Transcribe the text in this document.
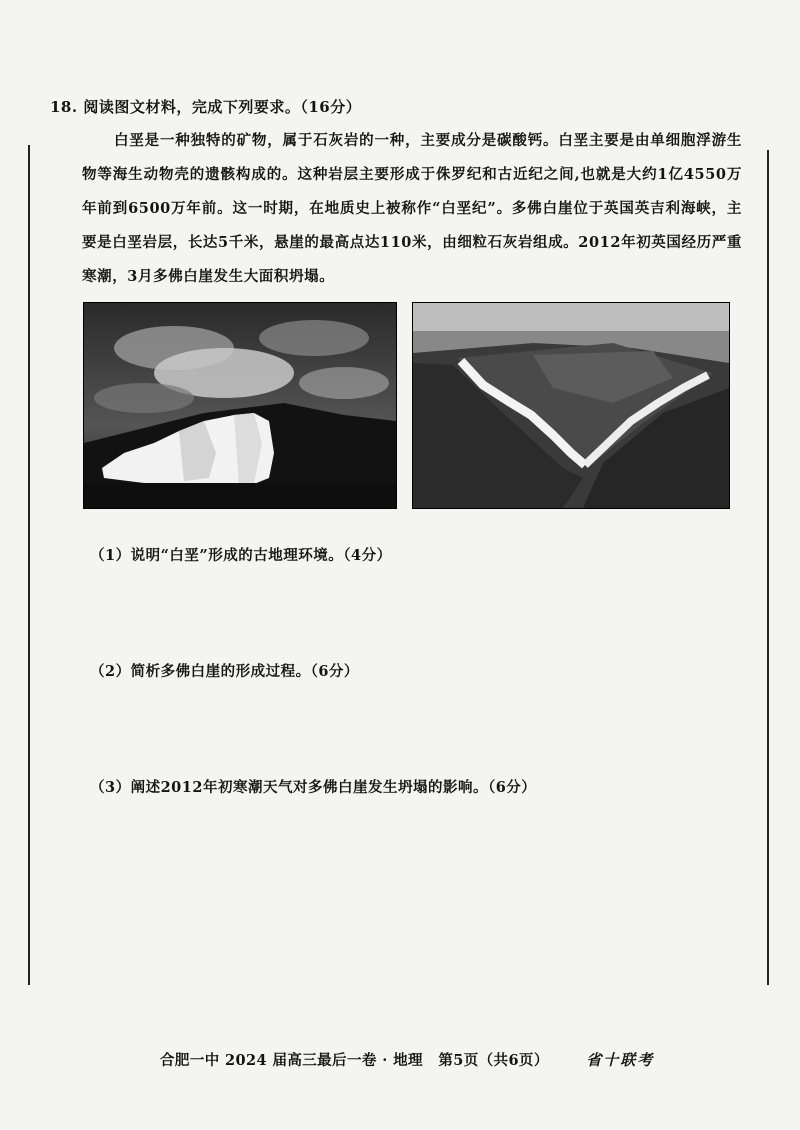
18. 阅读图文材料，完成下列要求。（16分）

白垩是一种独特的矿物，属于石灰岩的一种，主要成分是碳酸钙。白垩主要是由单细胞浮游生物等海生动物壳的遗骸构成的。这种岩层主要形成于侏罗纪和古近纪之间,也就是大约1亿4550万年前到6500万年前。这一时期，在地质史上被称作“白垩纪”。多佛白崖位于英国英吉利海峡，主要是白垩岩层，长达5千米，悬崖的最高点达110米，由细粒石灰岩组成。2012年初英国经历严重寒潮，3月多佛白崖发生大面积坍塌。

（1）说明“白垩”形成的古地理环境。（4分）
（2）简析多佛白崖的形成过程。（6分）
（3）阐述2012年初寒潮天气对多佛白崖发生坍塌的影响。（6分）
合肥一中 2024 届高三最后一卷 · 地理 第5页（共6页） 省十联考
